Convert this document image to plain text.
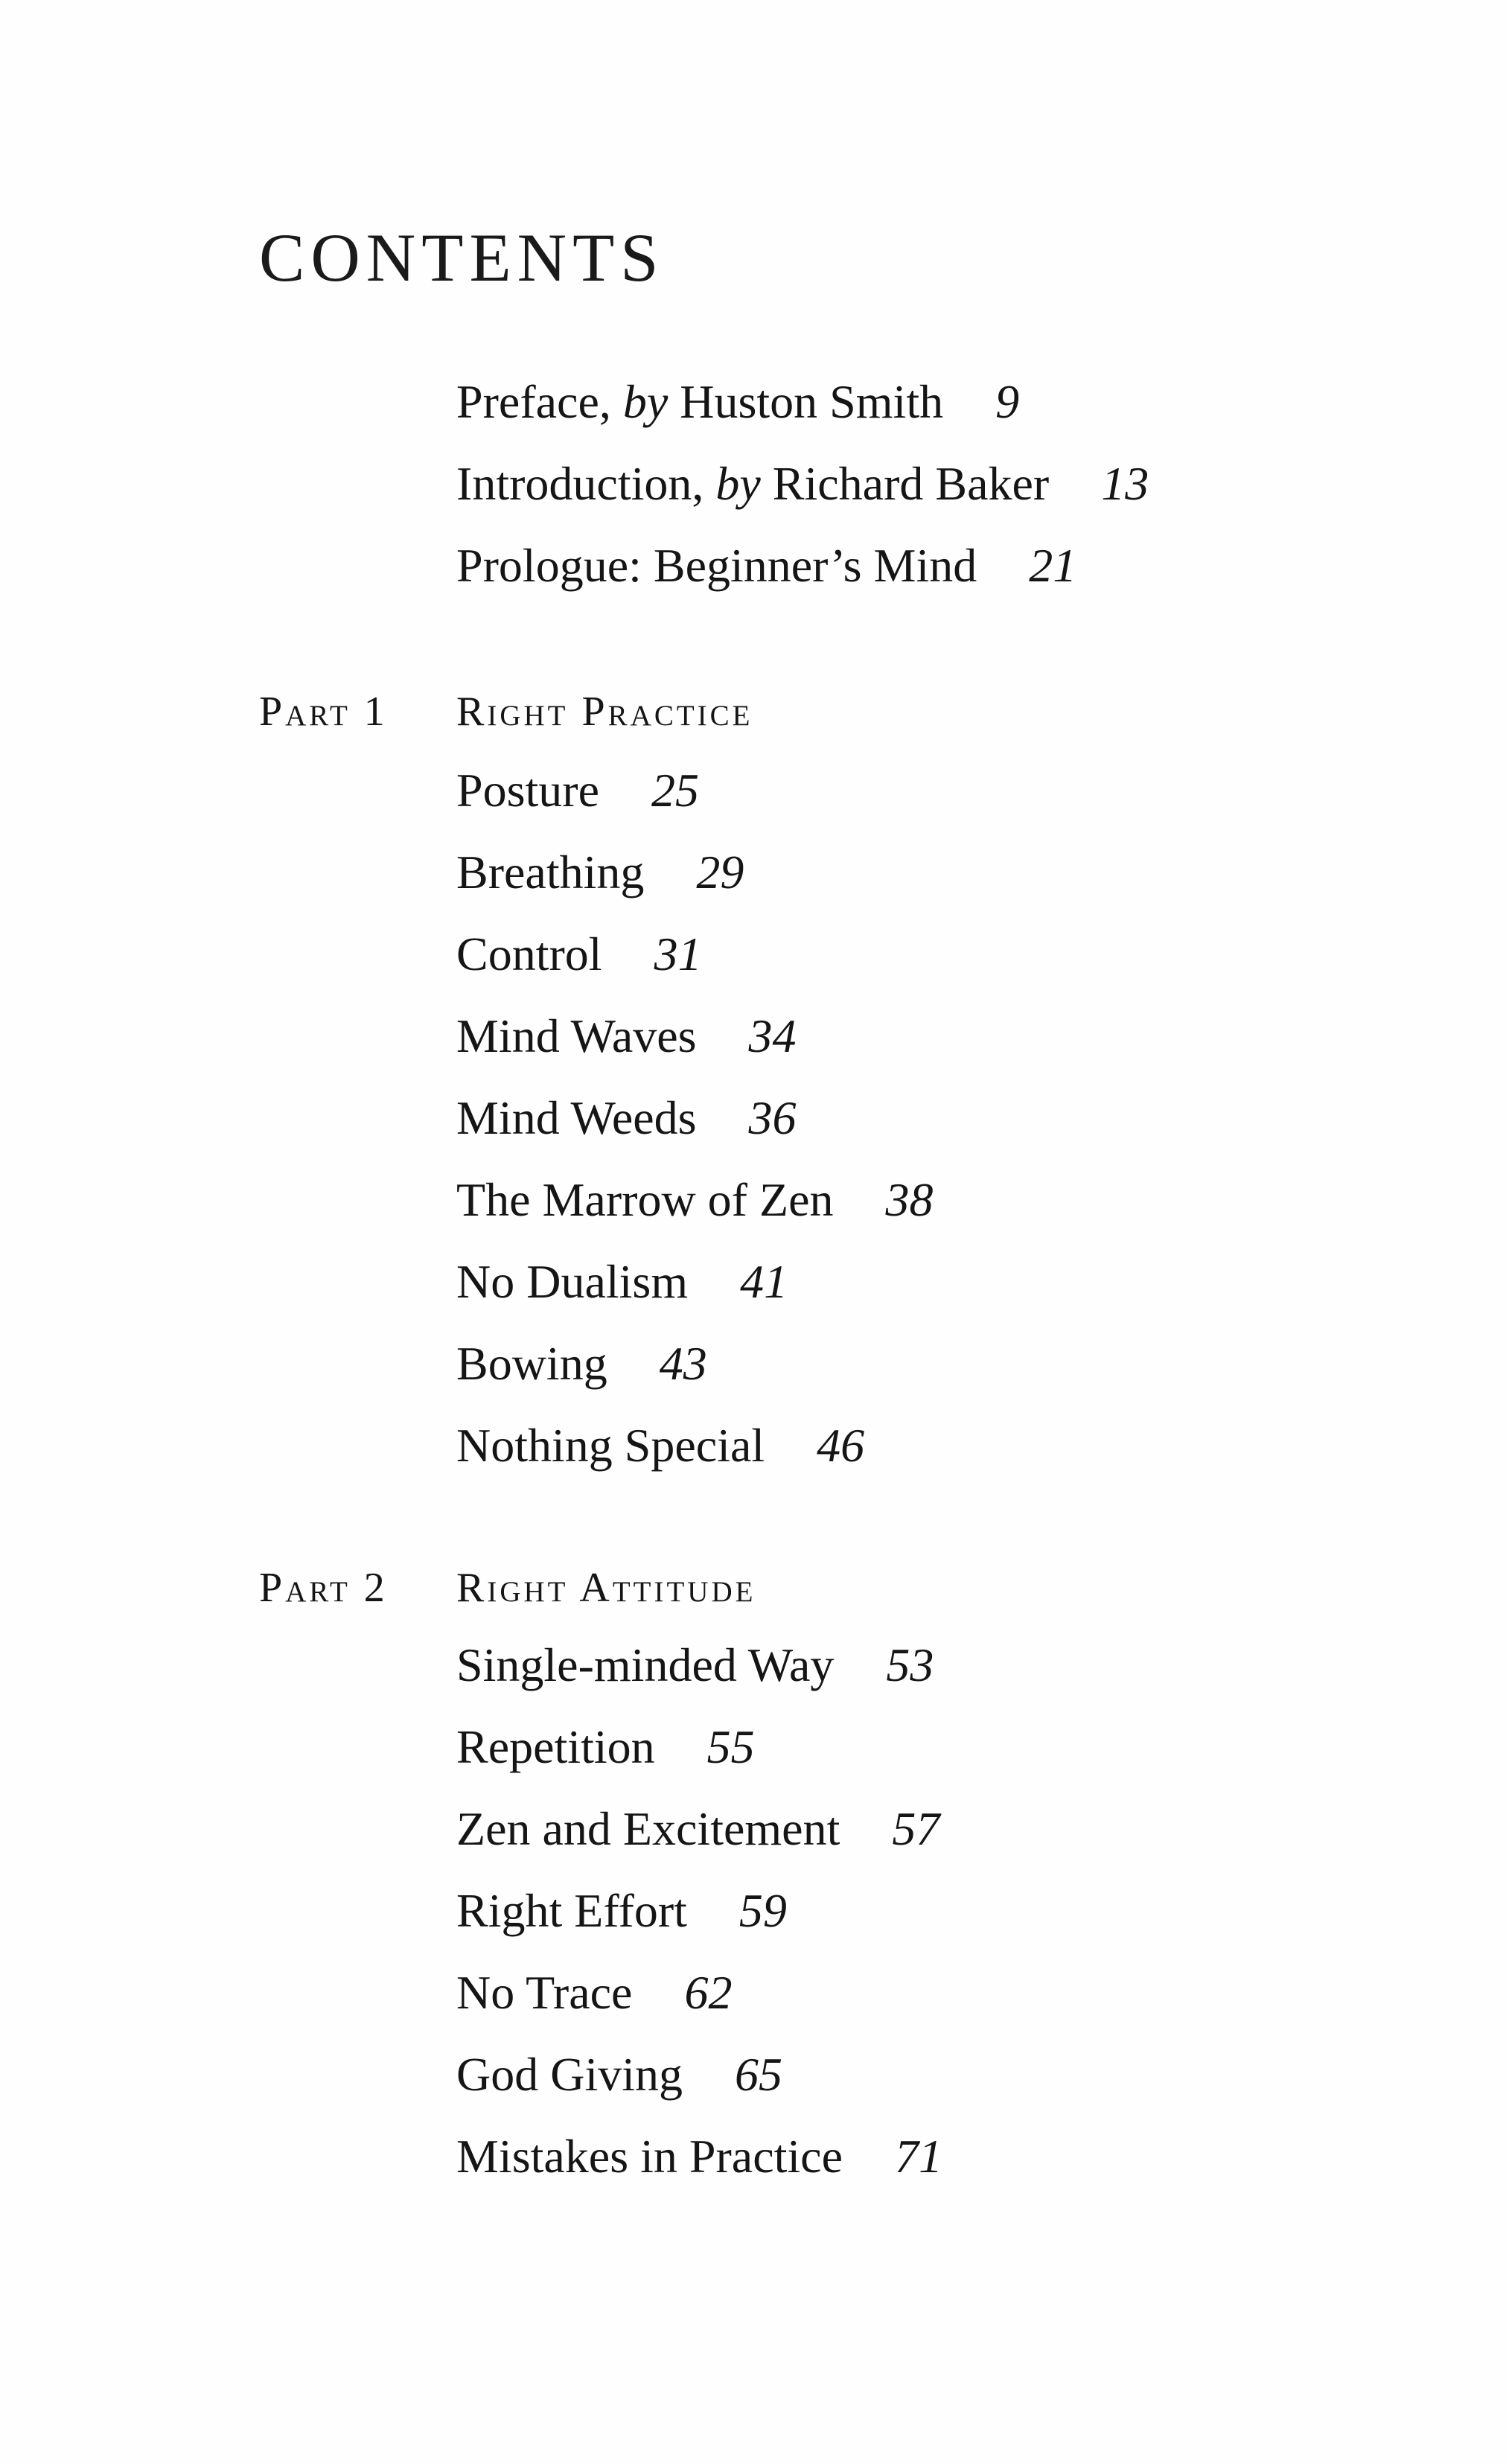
CONTENTS
Preface, by Huston Smith 9
Introduction, by Richard Baker 13
Prologue: Beginner’s Mind 21
Part 1 Right Practice
Posture 25
Breathing 29
Control 31
Mind Waves 34
Mind Weeds 36
The Marrow of Zen 38
No Dualism 41
Bowing 43
Nothing Special 46
Part 2 Right Attitude
Single-minded Way 53
Repetition 55
Zen and Excitement 57
Right Effort 59
No Trace 62
God Giving 65
Mistakes in Practice 71
